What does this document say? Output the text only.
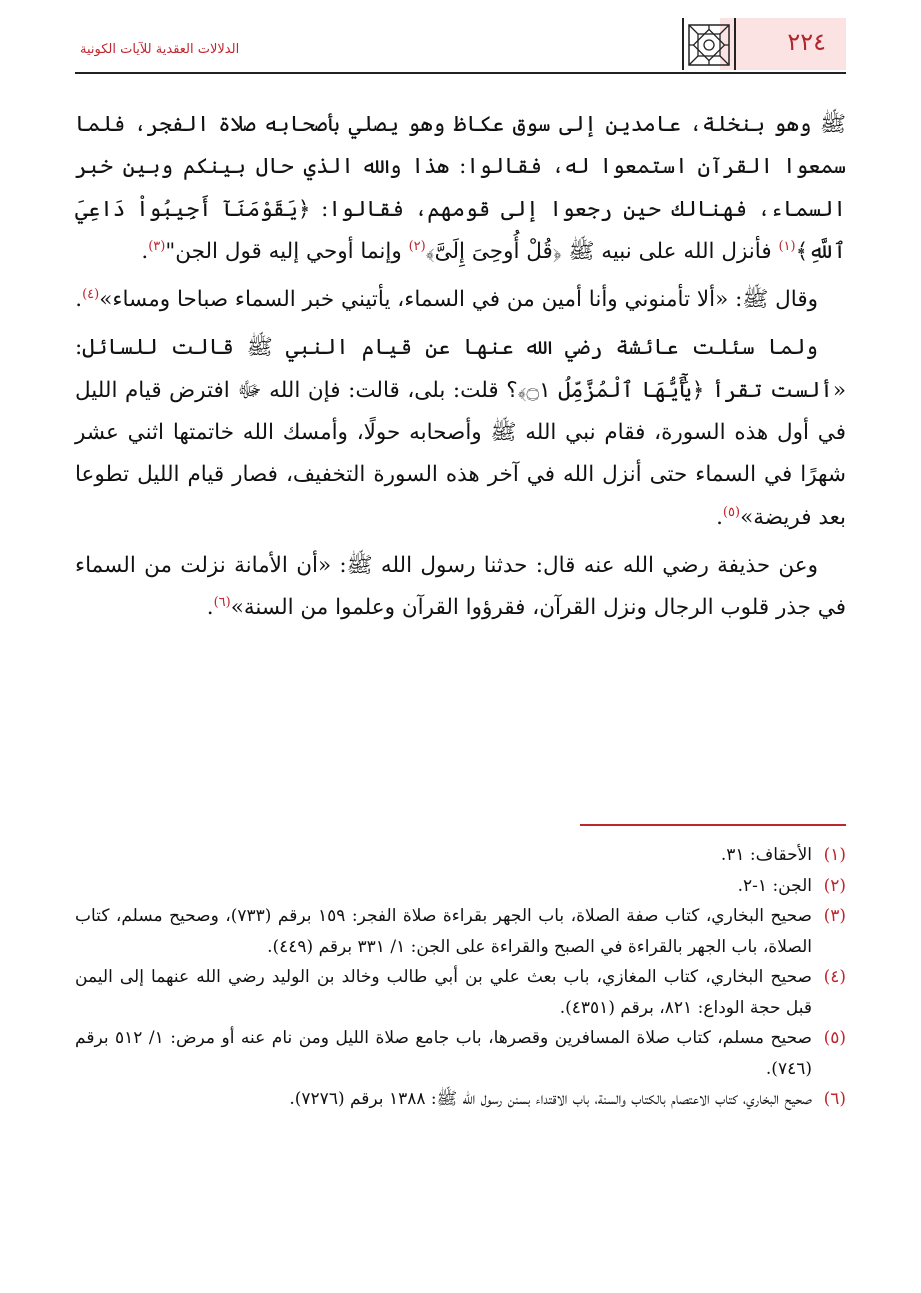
٢٢٤
الدلالات العقدية للآيات الكونية

ﷺ وهو بنخلة، عامدين إلى سوق عكاظ وهو يصلي بأصحابه صلاة الفجر، فلما سمعوا القرآن استمعوا له، فقالوا: هذا والله الذي حال بينكم وبين خبر السماء، فهنالك حين رجعوا إلى قومهم، فقالوا: ﴿يَقَوْمَنَآ أَجِيبُواْ دَاعِيَ ٱللَّهِ﴾$^{(١)}$ فأنزل الله على نبيه ﷺ ﴿قُلْ أُوحِىَ إِلَىَّ﴾$^{(٢)}$ وإنما أوحي إليه قول الجن"$^{(٣)}$.

وقال ﷺ: «ألا تأمنوني وأنا أمين من في السماء، يأتيني خبر السماء صباحا ومساء»$^{(٤)}$.

ولما سئلت عائشة رضي الله عنها عن قيام النبي ﷺ قالت للسائل: «ألست تقرأ ﴿يَٰٓأَيُّهَا ٱلْمُزَّمِّلُ ۝١﴾؟ قلت: بلى، قالت: فإن الله ﷻ افترض قيام الليل في أول هذه السورة، فقام نبي الله ﷺ وأصحابه حولًا، وأمسك الله خاتمتها اثني عشر شهرًا في السماء حتى أنزل الله في آخر هذه السورة التخفيف، فصار قيام الليل تطوعا بعد فريضة»$^{(٥)}$.

وعن حذيفة رضي الله عنه قال: حدثنا رسول الله ﷺ: «أن الأمانة نزلت من السماء في جذر قلوب الرجال ونزل القرآن، فقرؤوا القرآن وعلموا من السنة»$^{(٦)}$.

(١)
الأحقاف: ٣١.
(٢)
الجن: ١-٢.
(٣)
صحيح البخاري، كتاب صفة الصلاة، باب الجهر بقراءة صلاة الفجر: ١٥٩ برقم (٧٣٣)، وصحيح مسلم، كتاب الصلاة، باب الجهر بالقراءة في الصبح والقراءة على الجن: ١/ ٣٣١ برقم (٤٤٩).
(٤)
صحيح البخاري، كتاب المغازي، باب بعث علي بن أبي طالب وخالد بن الوليد رضي الله عنهما إلى اليمن قبل حجة الوداع: ٨٢١، برقم (٤٣٥١).
(٥)
صحيح مسلم، كتاب صلاة المسافرين وقصرها، باب جامع صلاة الليل ومن نام عنه أو مرض: ١/ ٥١٢ برقم (٧٤٦).
(٦)
صحيح البخاري، كتاب الاعتصام بالكتاب والسنة، باب الاقتداء بسنن رسول الله ﷺ: ١٣٨٨ برقم (٧٢٧٦).
